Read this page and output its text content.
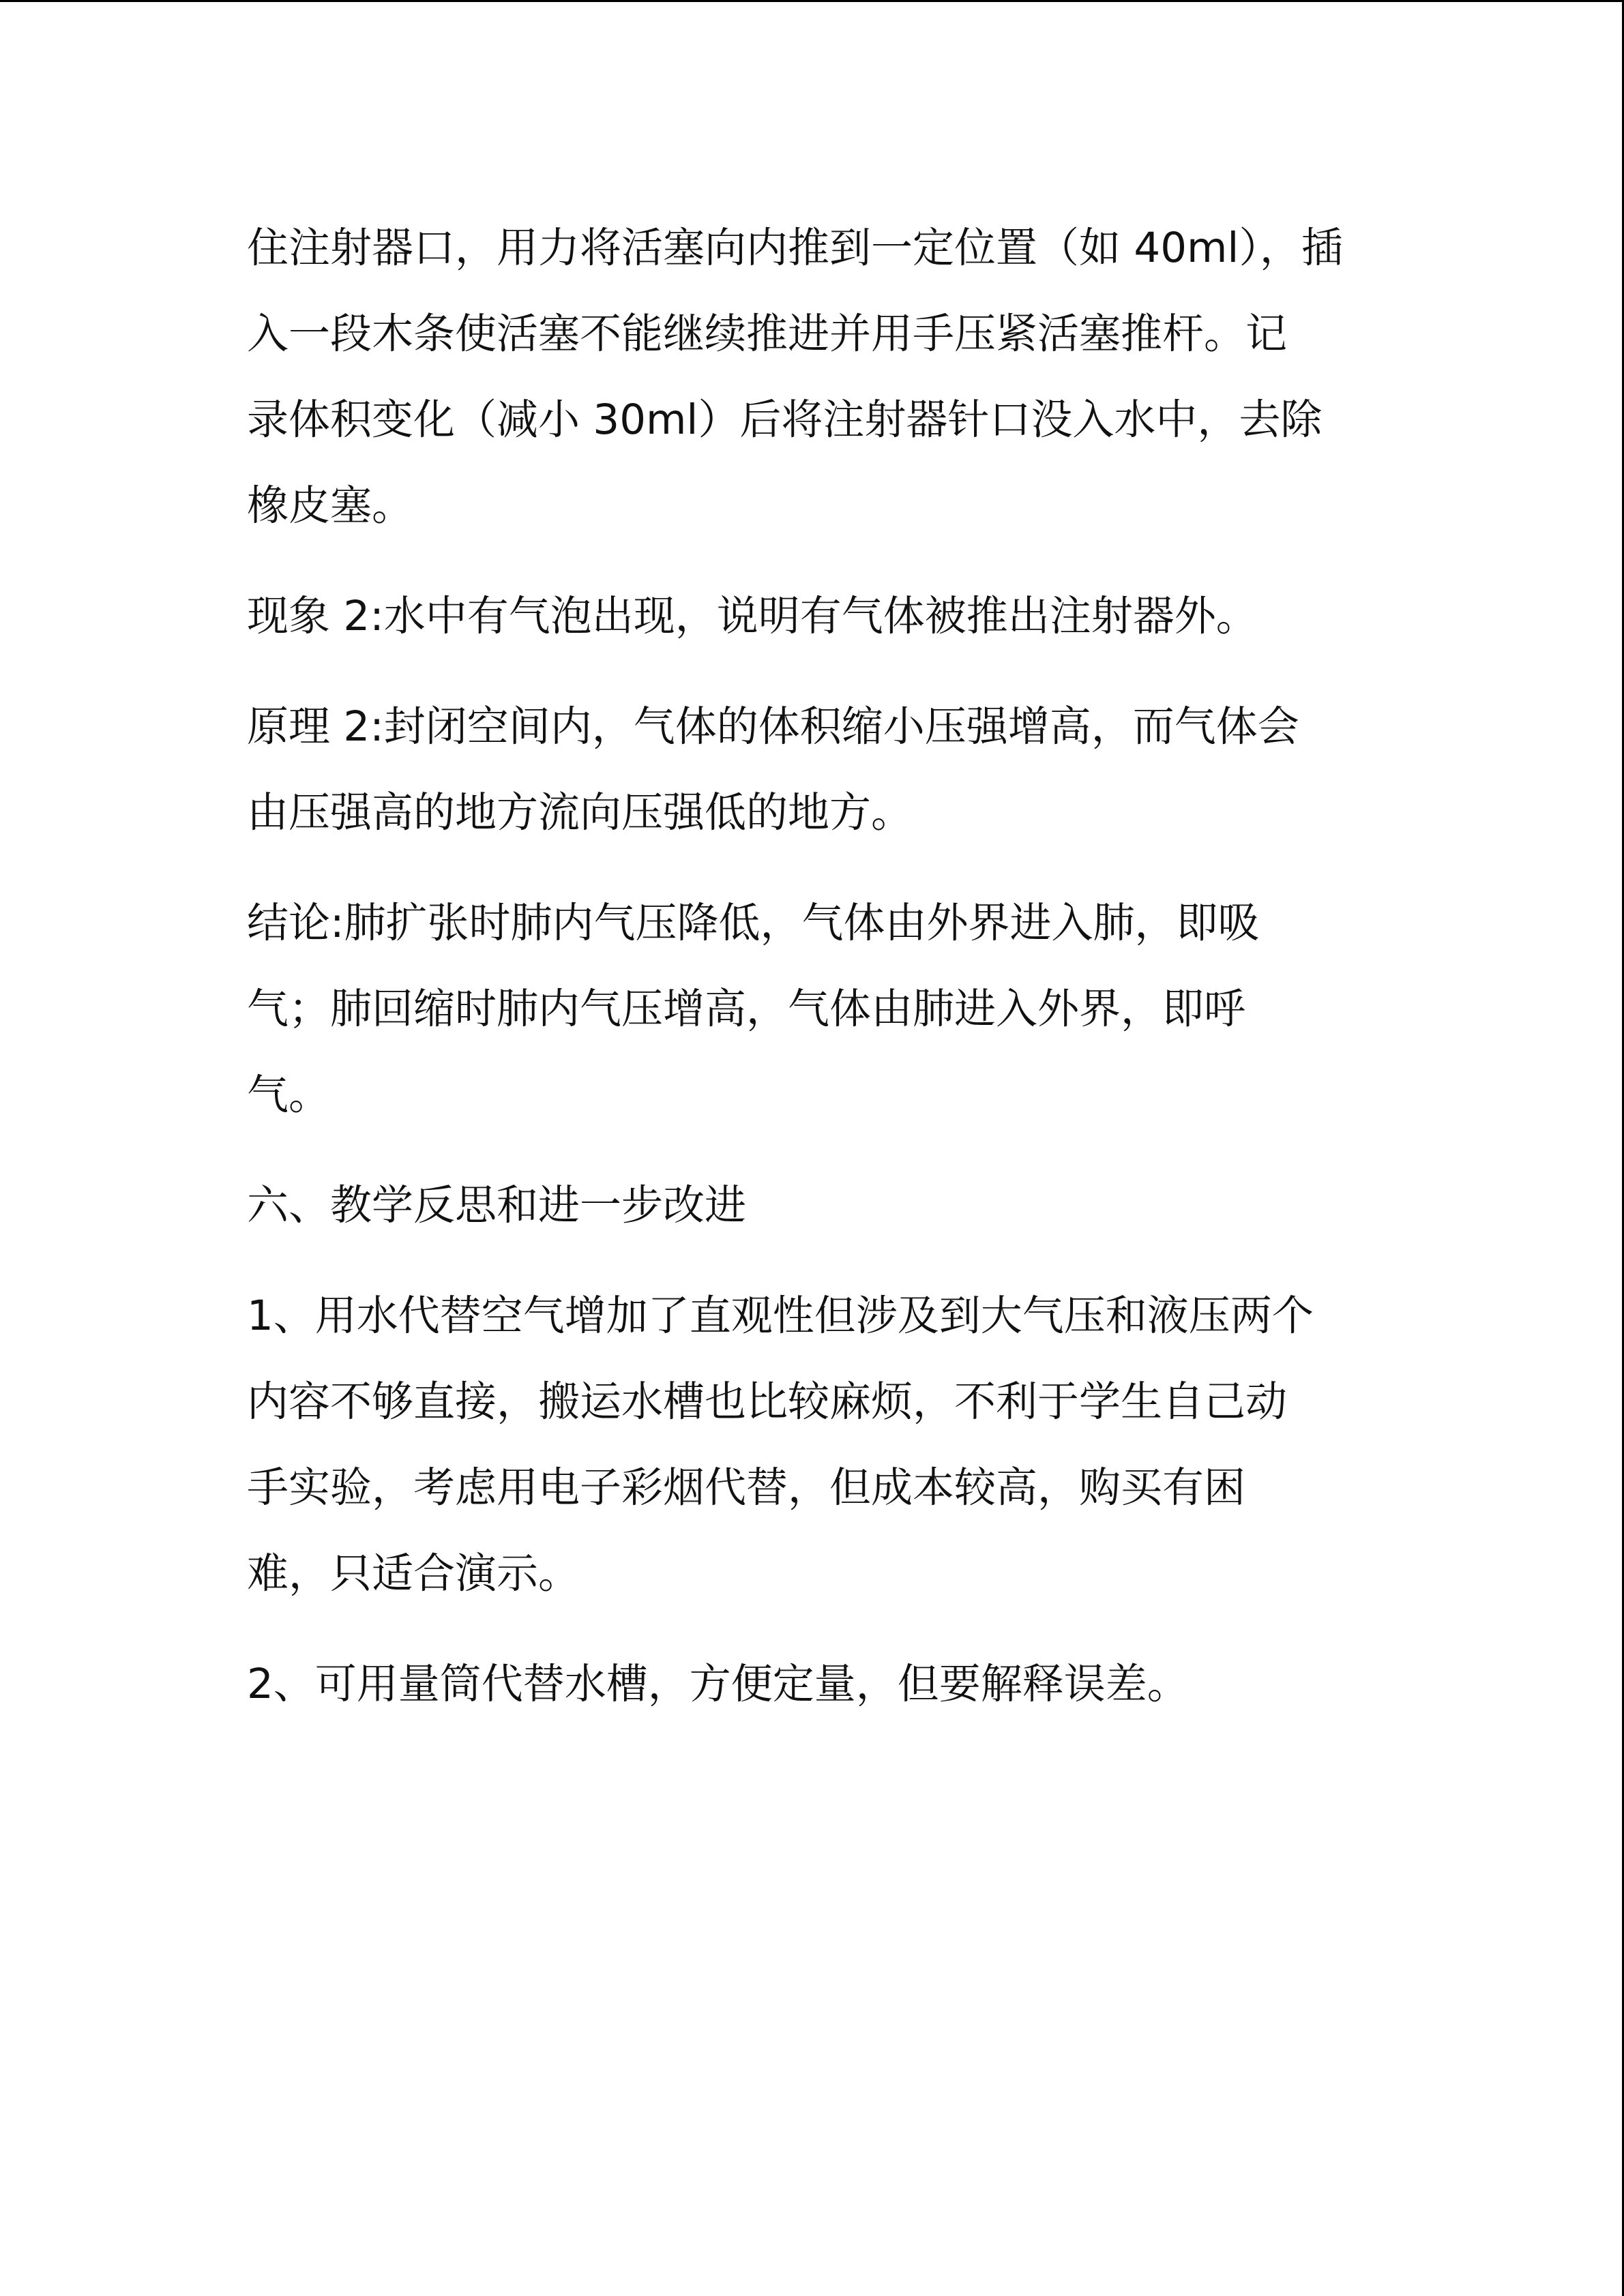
住注射器口，用力将活塞向内推到一定位置（如 40ml），插
入一段木条使活塞不能继续推进并用手压紧活塞推杆。记
录体积变化（减小 30ml）后将注射器针口没入水中，去除
橡皮塞。

现象 2:水中有气泡出现，说明有气体被推出注射器外。

原理 2:封闭空间内，气体的体积缩小压强增高，而气体会
由压强高的地方流向压强低的地方。

结论:肺扩张时肺内气压降低，气体由外界进入肺，即吸
气；肺回缩时肺内气压增高，气体由肺进入外界，即呼
气。

六、教学反思和进一步改进

1、用水代替空气增加了直观性但涉及到大气压和液压两个
内容不够直接，搬运水槽也比较麻烦，不利于学生自己动
手实验，考虑用电子彩烟代替，但成本较高，购买有困
难，只适合演示。

2、可用量筒代替水槽，方便定量，但要解释误差。
